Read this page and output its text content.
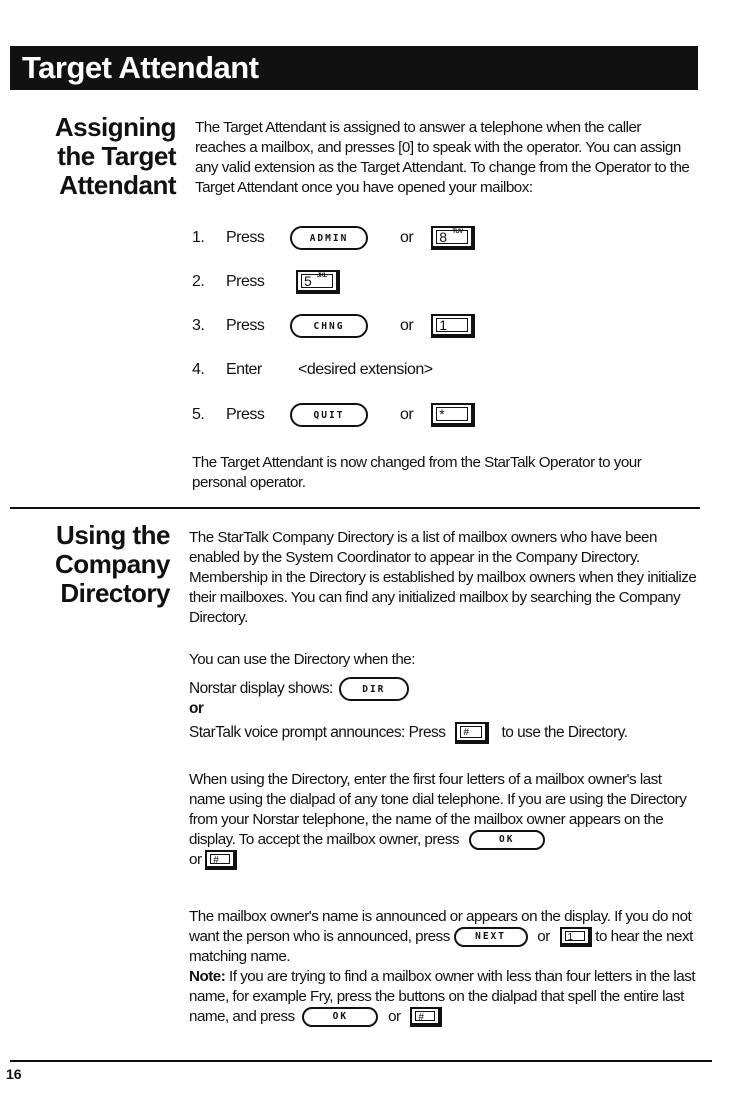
Target Attendant
Assigning
the Target
Attendant
The Target Attendant is assigned to answer a telephone when the caller reaches a mailbox, and presses [0] to speak with the operator. You can assign any valid extension as the Target Attendant. To change from the Operator to the Target Attendant once you have opened your mailbox:
1.	Press	ADMIN	or 8 TUV
2.	Press	5 JKL
3.	Press	CHNG	or 1
4.	Enter	<desired extension>
5.	Press	QUIT	or *
The Target Attendant is now changed from the StarTalk Operator to your personal operator.
Using the
Company
Directory
The StarTalk Company Directory is a list of mailbox owners who have been enabled by the System Coordinator to appear in the Company Directory. Membership in the Directory is established by mailbox owners when they initialize their mailboxes. You can find any initialized mailbox by searching the Company Directory.
You can use the Directory when the:
Norstar display shows:	DIR
or
StarTalk voice prompt announces: Press # to use the Directory.
When using the Directory, enter the first four letters of a mailbox owner's last name using the dialpad of any tone dial telephone. If you are using the Directory from your Norstar telephone, the name of the mailbox owner appears on the display. To accept the mailbox owner, press	OK
or #
The mailbox owner's name is announced or appears on the display. If you do not want the person who is announced, press	NEXT or 1 to hear the next matching name.
Note: If you are trying to find a mailbox owner with less than four letters in the last name, for example Fry, press the buttons on the dialpad that spell the entire last name, and press	OK	or #
16
